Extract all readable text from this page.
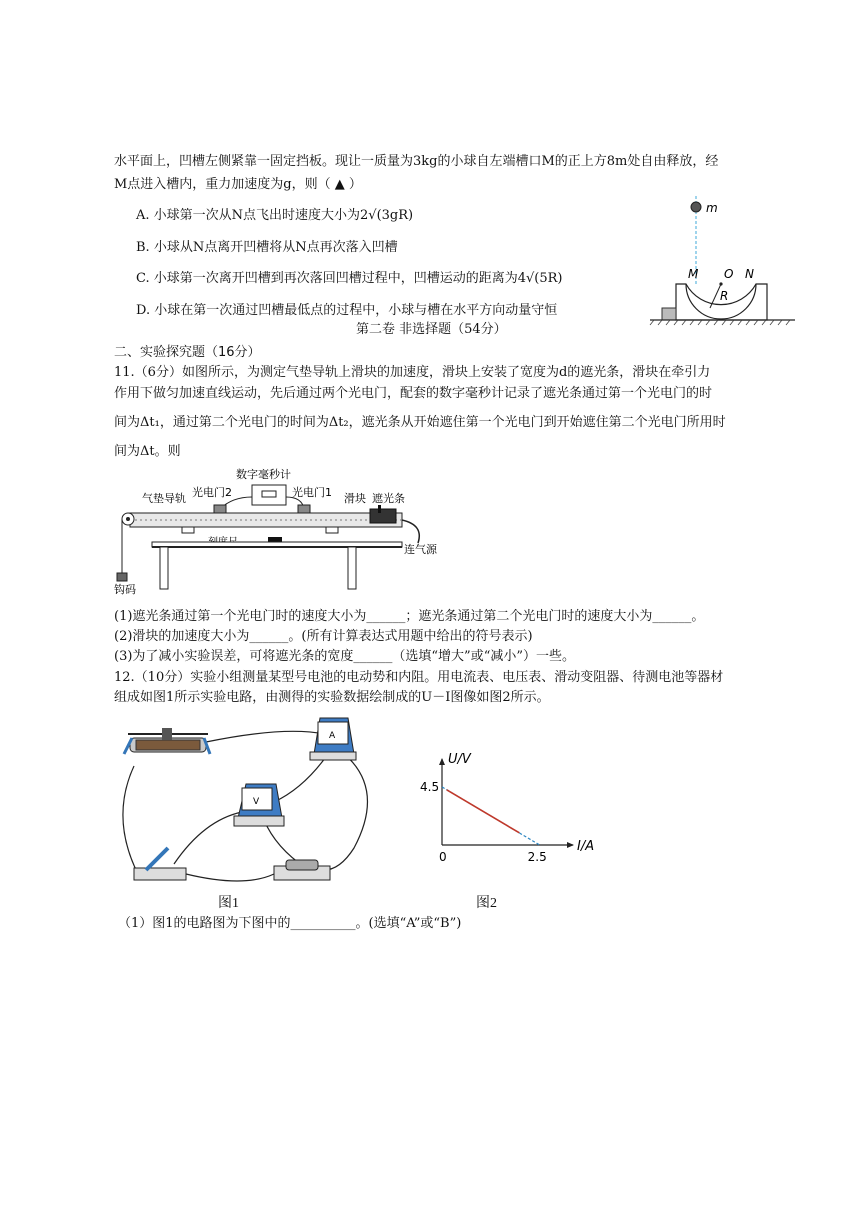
水平面上，凹槽左侧紧靠一固定挡板。现让一质量为3kg的小球自左端槽口M的正上方8m处自由释放，经
M点进入槽内，重力加速度为g，则（ ▲ ）
A. 小球第一次从N点飞出时速度大小为2√(3gR)
B. 小球从N点离开凹槽将从N点再次落入凹槽
C. 小球第一次离开凹槽到再次落回凹槽过程中，凹槽运动的距离为4√(5R)
D. 小球在第一次通过凹槽最低点的过程中，小球与槽在水平方向动量守恒
m
M O N
R
第二卷 非选择题（54分）
二、实验探究题（16分）
11.（6分）如图所示，为测定气垫导轨上滑块的加速度，滑块上安装了宽度为d的遮光条，滑块在牵引力
作用下做匀加速直线运动，先后通过两个光电门，配套的数字毫秒计记录了遮光条通过第一个光电门的时
间为Δt₁，通过第二个光电门的时间为Δt₂，遮光条从开始遮住第一个光电门到开始遮住第二个光电门所用时
间为Δt。则
数字毫秒计
光电门2	光电门1
气垫导轨	滑块 遮光条
钩码
连气源
(1)遮光条通过第一个光电门时的速度大小为______；遮光条通过第二个光电门时的速度大小为______。
(2)滑块的加速度大小为______。(所有计算表达式用题中给出的符号表示)
(3)为了减小实验误差，可将遮光条的宽度______（选填“增大”或“减小”）一些。
12.（10分）实验小组测量某型号电池的电动势和内阻。用电流表、电压表、滑动变阻器、待测电池等器材
组成如图1所示实验电路，由测得的实验数据绘制成的U－I图像如图2所示。
A
V
图1
U/V
I/A
0
4.5
2.5
图2
（1）图1的电路图为下图中的__________。(选填“A”或“B”)
